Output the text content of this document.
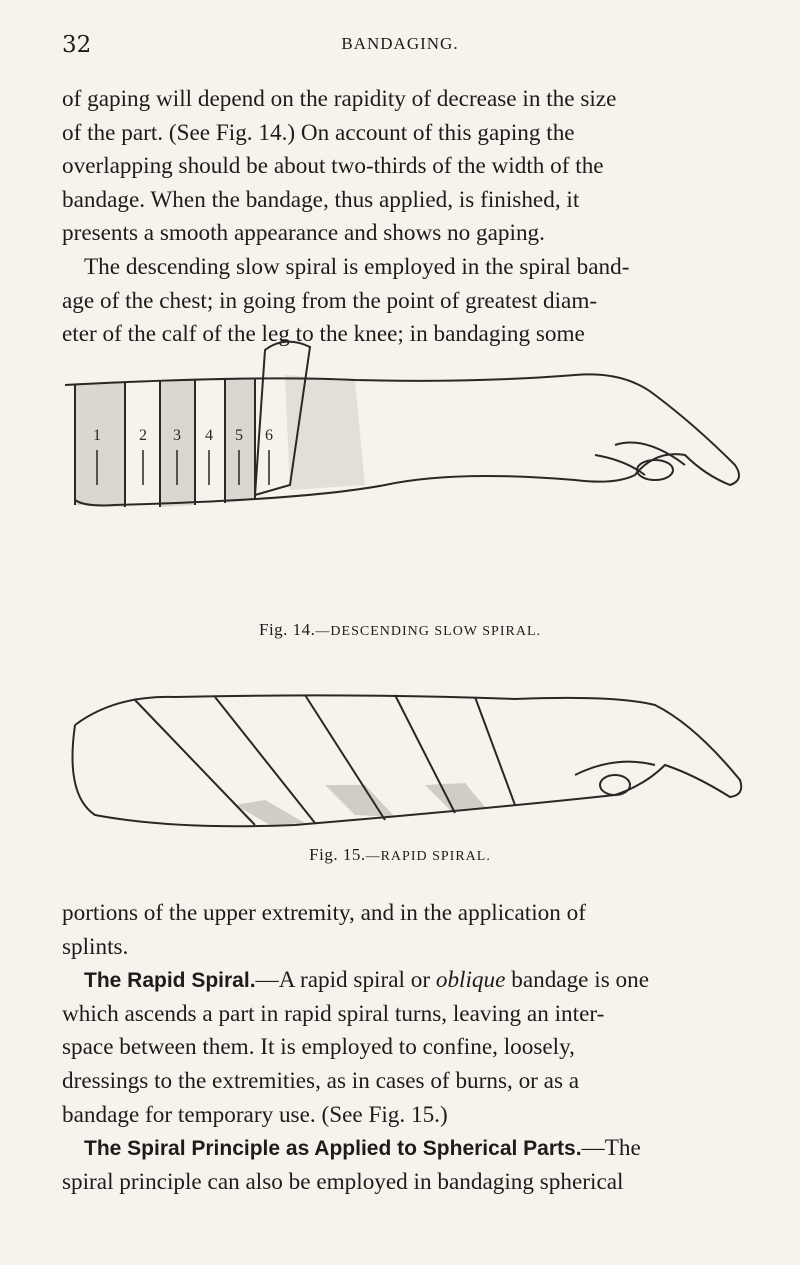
32	BANDAGING.
of gaping will depend on the rapidity of decrease in the size
of the part. (See Fig. 14.) On account of this gaping the
overlapping should be about two-thirds of the width of the
bandage. When the bandage, thus applied, is finished, it
presents a smooth appearance and shows no gaping.
The descending slow spiral is employed in the spiral band-
age of the chest; in going from the point of greatest diam-
eter of the calf of the leg to the knee; in bandaging some
1 2 3 4 5 6
Fig. 14.—DESCENDING SLOW SPIRAL.
Fig. 15.—RAPID SPIRAL.
portions of the upper extremity, and in the application of
splints.
The Rapid Spiral.—A rapid spiral or oblique bandage is one
which ascends a part in rapid spiral turns, leaving an inter-
space between them. It is employed to confine, loosely,
dressings to the extremities, as in cases of burns, or as a
bandage for temporary use. (See Fig. 15.)
The Spiral Principle as Applied to Spherical Parts.—The
spiral principle can also be employed in bandaging spherical
